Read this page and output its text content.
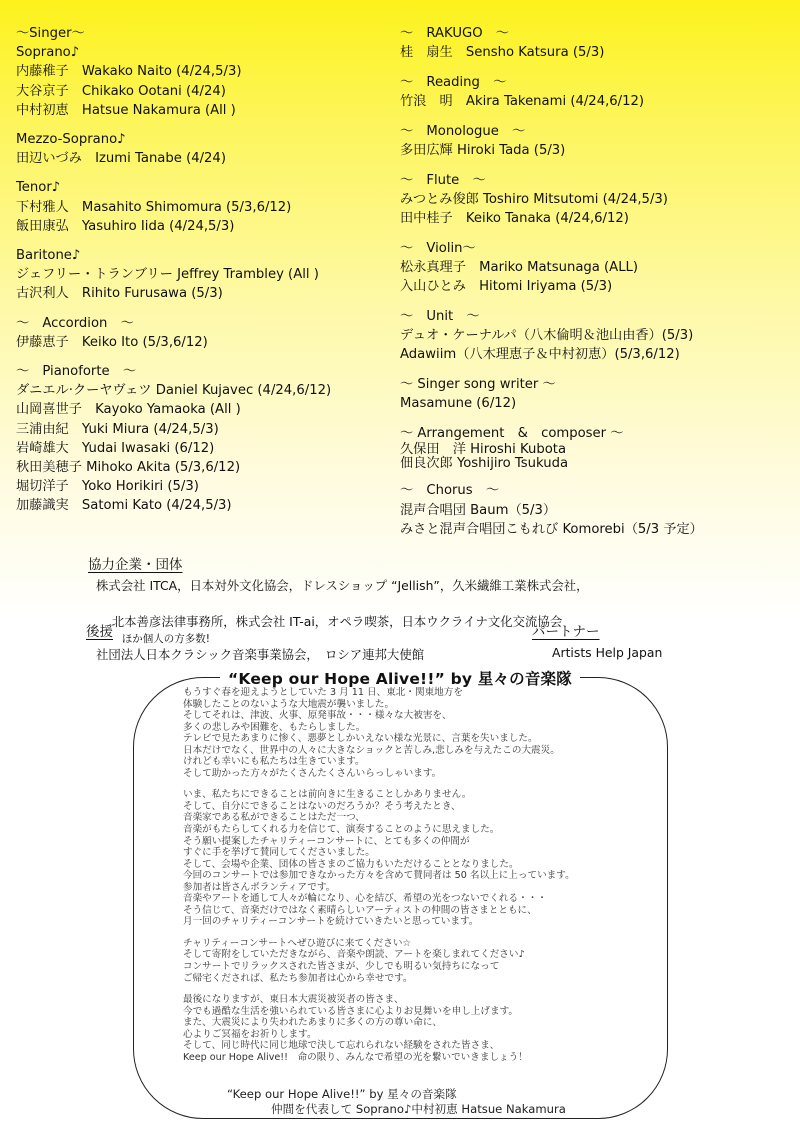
〜Singer〜
Soprano♪
内藤稚子　Wakako Naito (4/24,5/3)
大谷京子　Chikako Ootani (4/24)
中村初恵　Hatsue Nakamura (All )
Mezzo-Soprano♪
田辺いづみ　Izumi Tanabe (4/24)
Tenor♪
下村雅人　Masahito Shimomura (5/3,6/12)
飯田康弘　Yasuhiro Iida (4/24,5/3)
Baritone♪
ジェフリー・トランブリー Jeffrey Trambley (All )
古沢利人　Rihito Furusawa (5/3)
〜　Accordion　〜
伊藤恵子　Keiko Ito (5/3,6/12)
〜　Pianoforte　〜
ダニエル·クーヤヴェツ Daniel Kujavec (4/24,6/12)
山岡喜世子　Kayoko Yamaoka (All )
三浦由紀　Yuki Miura (4/24,5/3)
岩崎雄大　Yudai Iwasaki (6/12)
秋田美穂子 Mihoko Akita (5/3,6/12)
堀切洋子　Yoko Horikiri (5/3)
加藤識実　Satomi Kato (4/24,5/3)
〜　RAKUGO　〜
桂　扇生　Sensho Katsura (5/3)
〜　Reading　〜
竹浪　明　Akira Takenami (4/24,6/12)
〜　Monologue　〜
多田広輝 Hiroki Tada (5/3)
〜　Flute　〜
みつとみ俊郎 Toshiro Mitsutomi (4/24,5/3)
田中桂子　Keiko Tanaka (4/24,6/12)
〜　Violin〜
松永真理子　Mariko Matsunaga (ALL)
入山ひとみ　Hitomi Iriyama (5/3)
〜　Unit　〜
デュオ・ケーナルパ（八木倫明＆池山由香）(5/3)
Adawiim（八木理恵子＆中村初恵）(5/3,6/12)
〜 Singer song writer 〜
Masamune (6/12)
〜 Arrangement　&　composer 〜
久保田　洋 Hiroshi Kubota
佃良次郎 Yoshijiro Tsukuda
〜　Chorus　〜
混声合唱団 Baum（5/3）
みさと混声合唱団こもれび Komorebi（5/3 予定）
協力企業・団体
株式会社 ITCA，日本対外文化協会，ドレスショップ “Jellish”，久米繊維工業株式会社，

北本善彦法律事務所，株式会社 IT-ai，オペラ喫茶，日本ウクライナ文化交流協会
ほか個人の方多数!

後援
社団法人日本クラシック音楽事業協会，　ロシア連邦大使館
パートナー
Artists Help Japan
“Keep our Hope Alive!!” by 星々の音楽隊
もうすぐ春を迎えようとしていた 3 月 11 日、東北・関東地方を
体験したことのないような大地震が襲いました。
そしてそれは、津波、火事、原発事故・・・様々な大被害を、
多くの悲しみや困難を、もたらしました。
テレビで見たあまりに惨く、悪夢としかいえない様な光景に、言葉を失いました。
日本だけでなく、世界中の人々に大きなショックと苦しみ,悲しみを与えたこの大震災。
けれども幸いにも私たちは生きています。
そして助かった方々がたくさんたくさんいらっしゃいます。
いま、私たちにできることは前向きに生きることしかありません。
そして、自分にできることはないのだろうか？そう考えたとき、
音楽家である私ができることはただ一つ、
音楽がもたらしてくれる力を信じて、演奏することのように思えました。
そう願い提案したチャリティーコンサートに、とても多くの仲間が
すぐに手を挙げて賛同してくださいました。
そして、会場や企業、団体の皆さまのご協力もいただけることとなりました。
今回のコンサートでは参加できなかった方々を含めて賛同者は 50 名以上に上っています。
参加者は皆さんボランティアです。
音楽やアートを通して人々が輪になり、心を結び、希望の光をつないでくれる・・・
そう信じて、音楽だけではなく素晴らしいアーティストの仲間の皆さまとともに、
月一回のチャリティーコンサートを続けていきたいと思っています。
チャリティーコンサートへぜひ遊びに来てください☆
そして寄附をしていただきながら、音楽や朗読、アートを楽しまれてください♪
コンサートでリラックスされた皆さまが、少しでも明るい気持ちになって
ご帰宅くだされば、私たち参加者は心から幸せです。
最後になりますが、東日本大震災被災者の皆さま、
今でも過酷な生活を強いられている皆さまに心よりお見舞いを申し上げます。
また、大震災により失われたあまりに多くの方の尊い命に、
心よりご冥福をお祈りします。
そして、同じ時代に同じ地球で決して忘れられない経験をされた皆さま、
Keep our Hope Alive!!　命の限り、みんなで希望の光を繋いでいきましょう！
“Keep our Hope Alive!!” by 星々の音楽隊
仲間を代表して Soprano♪中村初恵 Hatsue Nakamura
